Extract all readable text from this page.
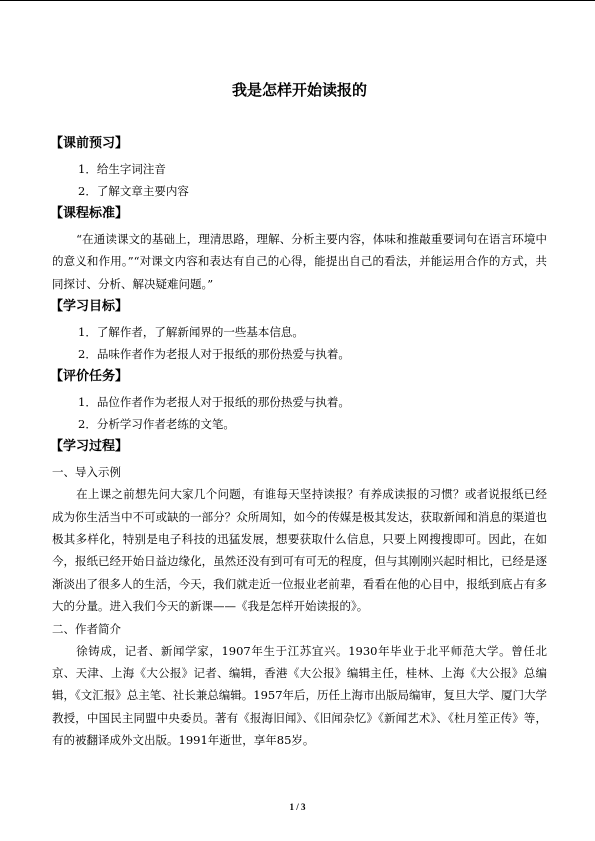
我是怎样开始读报的
【课前预习】
1．给生字词注音
2．了解文章主要内容
【课程标准】

“在通读课文的基础上，理清思路，理解、分析主要内容，体味和推敲重要词句在语言环境中的意义和作用。”“对课文内容和表达有自己的心得，能提出自己的看法，并能运用合作的方式，共同探讨、分析、解决疑难问题。”

【学习目标】
1．了解作者，了解新闻界的一些基本信息。
2．品味作者作为老报人对于报纸的那份热爱与执着。
【评价任务】
1．品位作者作为老报人对于报纸的那份热爱与执着。
2．分析学习作者老练的文笔。
【学习过程】
一、导入示例

在上课之前想先问大家几个问题，有谁每天坚持读报？有养成读报的习惯？或者说报纸已经成为你生活当中不可或缺的一部分？众所周知，如今的传媒是极其发达，获取新闻和消息的渠道也极其多样化，特别是电子科技的迅猛发展，想要获取什么信息，只要上网搜搜即可。因此，在如今，报纸已经开始日益边缘化，虽然还没有到可有可无的程度，但与其刚刚兴起时相比，已经是逐渐淡出了很多人的生活，今天，我们就走近一位报业老前辈，看看在他的心目中，报纸到底占有多大的分量。进入我们今天的新课——《我是怎样开始读报的》。

二、作者简介

徐铸成，记者、新闻学家，1907年生于江苏宜兴。1930年毕业于北平师范大学。曾任北京、天津、上海《大公报》记者、编辑，香港《大公报》编辑主任，桂林、上海《大公报》总编辑，《文汇报》总主笔、社长兼总编辑。1957年后，历任上海市出版局编审，复旦大学、厦门大学教授，中国民主同盟中央委员。著有《报海旧闻》、《旧闻杂忆》《新闻艺术》、《杜月笙正传》等，有的被翻译成外文出版。1991年逝世，享年85岁。

1 / 3
